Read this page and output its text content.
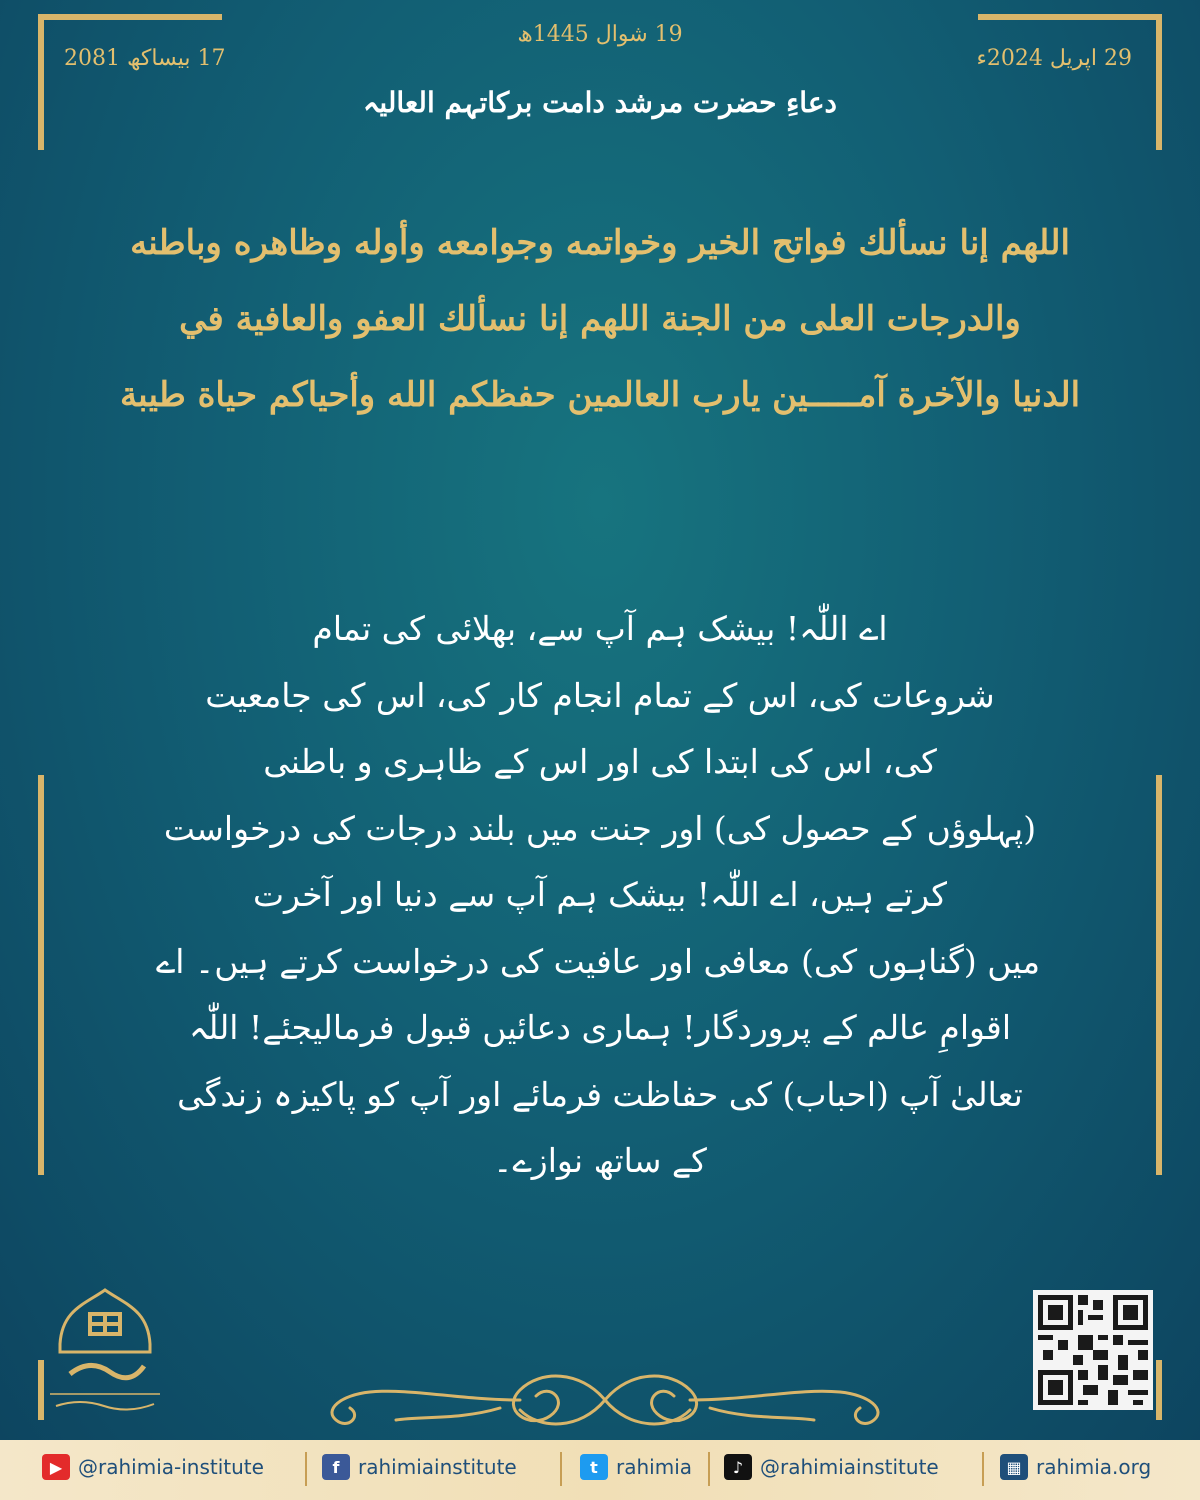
19 شوال 1445ھ
17 بیساکھ 2081	29 اپریل 2024ء
دعاءِ حضرت مرشد دامت برکاتہم العالیہ
اللھم إنا نسألك فواتح الخير وخواتمه وجوامعه وأوله وظاهره وباطنه
والدرجات العلى من الجنة اللهم إنا نسألك العفو والعافية في
الدنيا والآخرة آمـــــين يارب العالمين حفظكم الله وأحياكم حياة طيبة
اے اللّٰہ! بیشک ہم آپ سے، بھلائی کی تمام
شروعات کی، اس کے تمام انجام کار کی، اس کی جامعیت
کی، اس کی ابتدا کی اور اس کے ظاہری و باطنی
(پہلوؤں کے حصول کی) اور جنت میں بلند درجات کی درخواست
کرتے ہیں، اے اللّٰہ! بیشک ہم آپ سے دنیا اور آخرت
میں (گناہوں کی) معافی اور عافیت کی درخواست کرتے ہیں۔ اے
اقوامِ عالم کے پروردگار! ہماری دعائیں قبول فرمالیجئے! اللّٰہ
تعالیٰ آپ (احباب) کی حفاظت فرمائے اور آپ کو پاکیزہ زندگی
کے ساتھ نوازے۔
▶ @rahimia-institute	f rahimiainstitute	t rahimia	♪ @rahimiainstitute	▦ rahimia.org
